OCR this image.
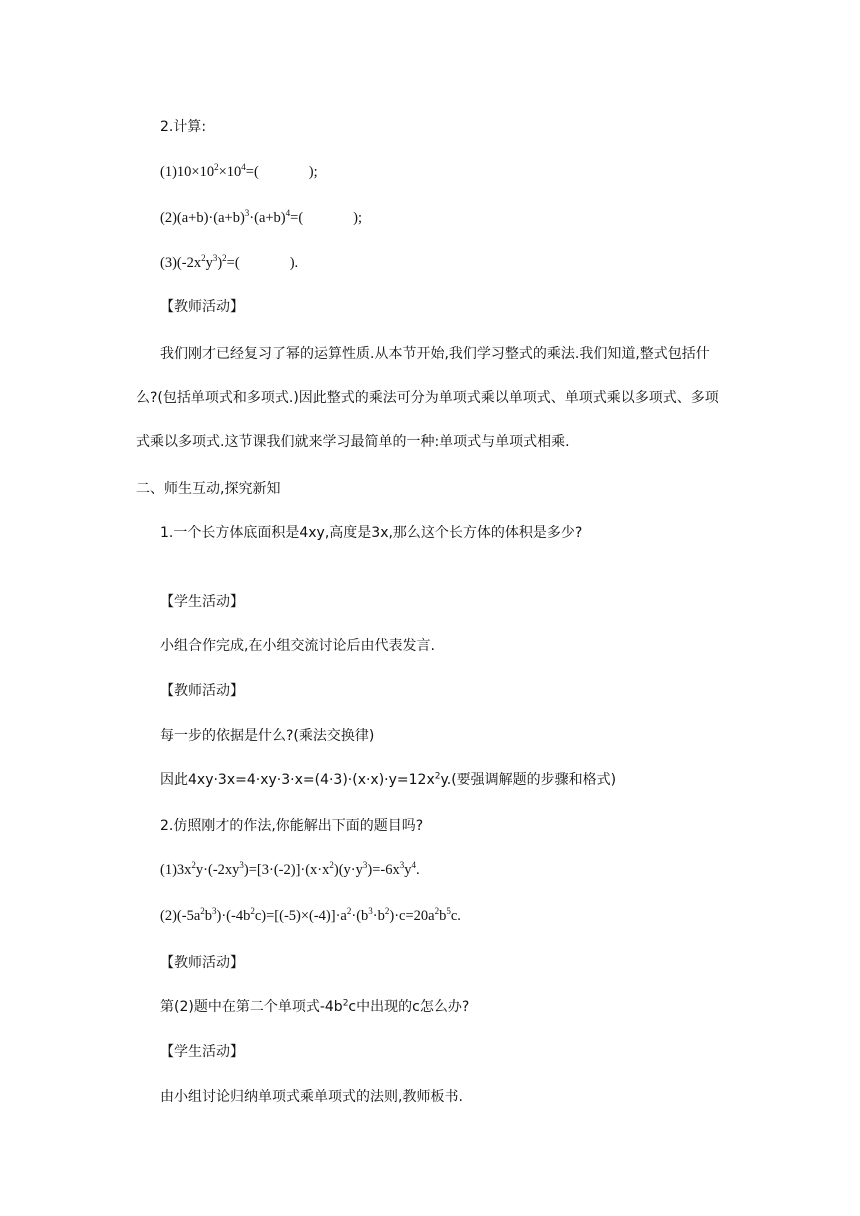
2.计算:
$(1)10\times 10^2\times 10^4=$(	);
$(2)(a+b)\cdot(a+b)^3\cdot(a+b)^4=$(	);
$(3)(-2x^2y^3)^2=$(	).
【教师活动】
我们刚才已经复习了幂的运算性质.从本节开始,我们学习整式的乘法.我们知道,整式包括什么?(包括单项式和多项式.)因此整式的乘法可分为单项式乘以单项式、单项式乘以多项式、多项式乘以多项式.这节课我们就来学习最简单的一种:单项式与单项式相乘.
二、师生互动,探究新知
1.一个长方体底面积是4xy,高度是3x,那么这个长方体的体积是多少?
【学生活动】
小组合作完成,在小组交流讨论后由代表发言.
【教师活动】
每一步的依据是什么?(乘法交换律)
因此$4xy\cdot 3x=4\cdot xy\cdot 3\cdot x=(4\cdot 3)\cdot(x\cdot x)\cdot y=12x^2y$.(要强调解题的步骤和格式)
2.仿照刚才的作法,你能解出下面的题目吗?
$(1)3x^2y\cdot(-2xy^3)=[3\cdot(-2)]\cdot(x\cdot x^2)(y\cdot y^3)=-6x^3y^4$.
$(2)(-5a^2b^3)\cdot(-4b^2c)=[(-5)\times(-4)]\cdot a^2\cdot(b^3\cdot b^2)\cdot c=20a^2b^5c$.
【教师活动】
第(2)题中在第二个单项式$-4b^2c$中出现的c怎么办?
【学生活动】
由小组讨论归纳单项式乘单项式的法则,教师板书.
